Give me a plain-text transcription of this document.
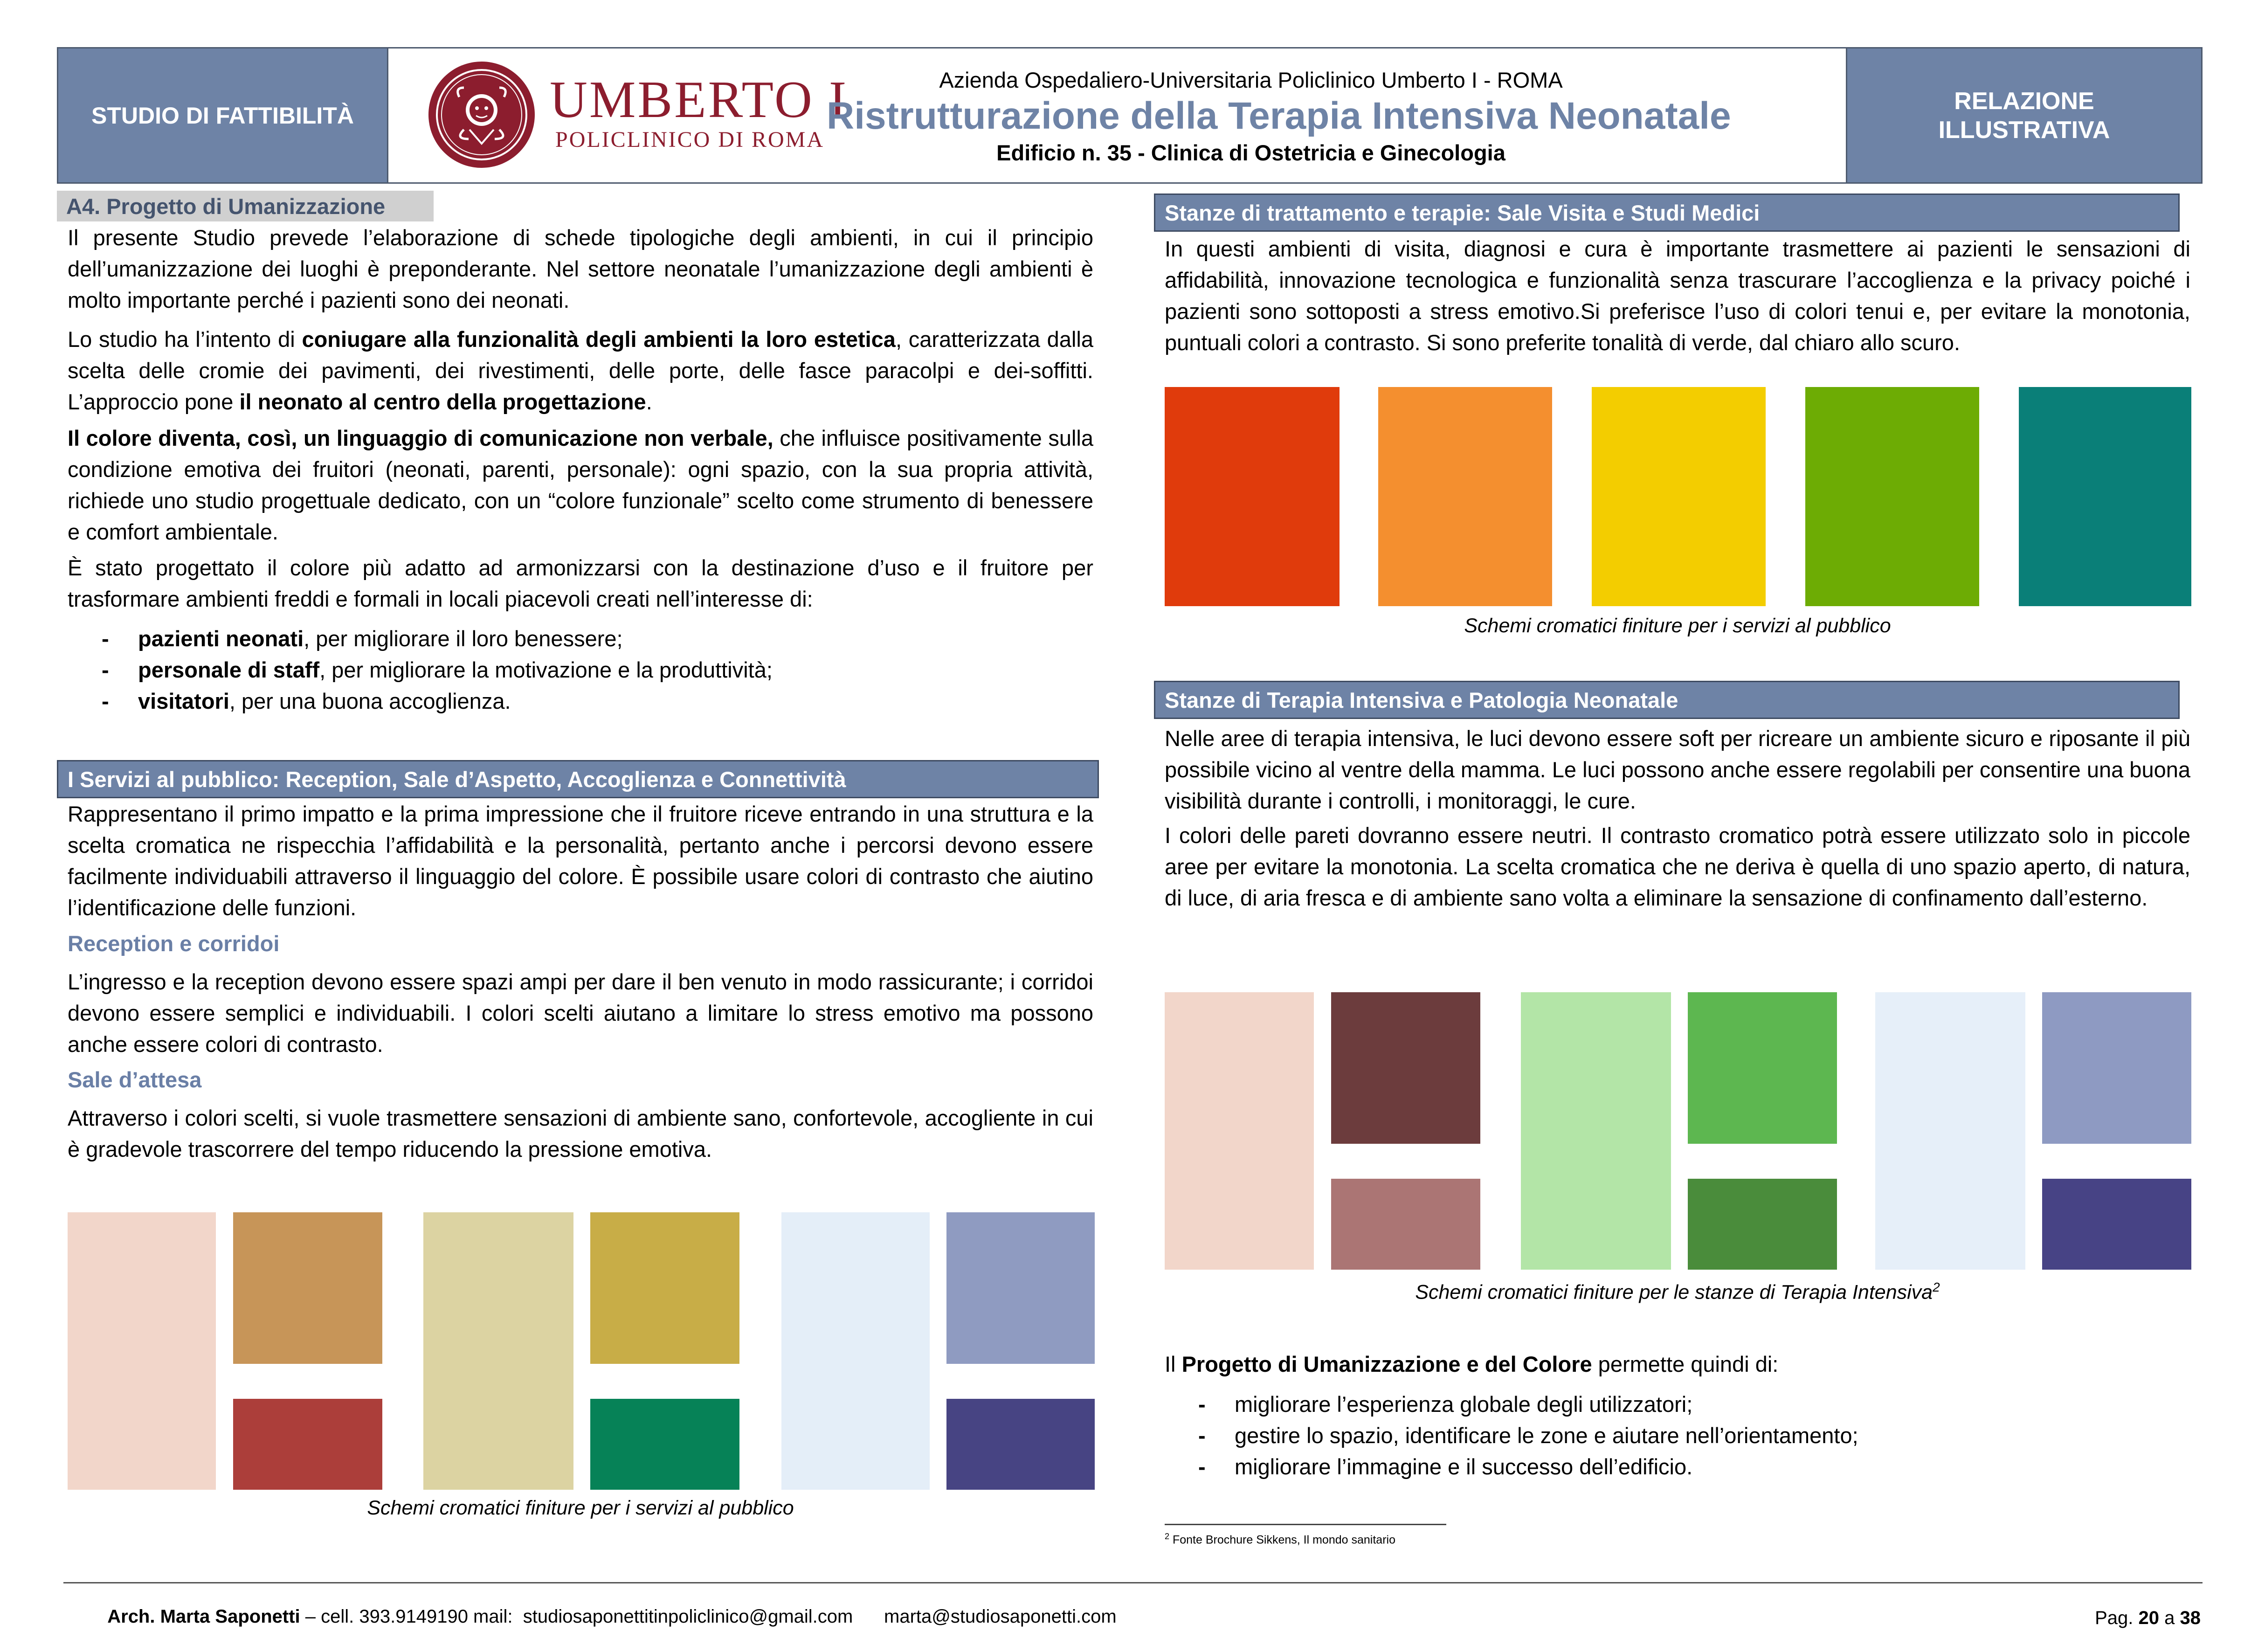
STUDIO DI FATTIBILITÀ	UMBERTO I
POLICLINICO DI ROMA
Azienda Ospedaliero-Universitaria Policlinico Umberto I - ROMA
Ristrutturazione della Terapia Intensiva Neonatale
Edificio n. 35 - Clinica di Ostetricia e Ginecologia
RELAZIONE
ILLUSTRATIVA
A4. Progetto di Umanizzazione
Il presente Studio prevede l’elaborazione di schede tipologiche degli ambienti, in cui il principio dell’umanizzazione dei luoghi è preponderante. Nel settore neonatale l’umanizzazione degli ambienti è molto importante perché i pazienti sono dei neonati.
Lo studio ha l’intento di coniugare alla funzionalità degli ambienti la loro estetica, caratterizzata dalla scelta delle cromie dei pavimenti, dei rivestimenti, delle porte, delle fasce paracolpi e dei-soffitti. L’approccio pone il neonato al centro della progettazione.
Il colore diventa, così, un linguaggio di comunicazione non verbale, che influisce positivamente sulla condizione emotiva dei fruitori (neonati, parenti, personale): ogni spazio, con la sua propria attività, richiede uno studio progettuale dedicato, con un “colore funzionale” scelto come strumento di benessere e comfort ambientale.
È stato progettato il colore più adatto ad armonizzarsi con la destinazione d’uso e il fruitore per trasformare ambienti freddi e formali in locali piacevoli creati nell’interesse di:
- pazienti neonati, per migliorare il loro benessere;
- personale di staff, per migliorare la motivazione e la produttività;
- visitatori, per una buona accoglienza.
I Servizi al pubblico: Reception, Sale d’Aspetto, Accoglienza e Connettività
Rappresentano il primo impatto e la prima impressione che il fruitore riceve entrando in una struttura e la scelta cromatica ne rispecchia l’affidabilità e la personalità, pertanto anche i percorsi devono essere facilmente individuabili attraverso il linguaggio del colore. È possibile usare colori di contrasto che aiutino l’identificazione delle funzioni.
Reception e corridoi
L’ingresso e la reception devono essere spazi ampi per dare il ben venuto in modo rassicurante; i corridoi devono essere semplici e individuabili. I colori scelti aiutano a limitare lo stress emotivo ma possono anche essere colori di contrasto.
Sale d’attesa
Attraverso i colori scelti, si vuole trasmettere sensazioni di ambiente sano, confortevole, accogliente in cui è gradevole trascorrere del tempo riducendo la pressione emotiva.
Schemi cromatici finiture per i servizi al pubblico
Stanze di trattamento e terapie: Sale Visita e Studi Medici
In questi ambienti di visita, diagnosi e cura è importante trasmettere ai pazienti le sensazioni di affidabilità, innovazione tecnologica e funzionalità senza trascurare l’accoglienza e la privacy poiché i pazienti sono sottoposti a stress emotivo.Si preferisce l’uso di colori tenui e, per evitare la monotonia, puntuali colori a contrasto. Si sono preferite tonalità di verde, dal chiaro allo scuro.
Schemi cromatici finiture per i servizi al pubblico
Stanze di Terapia Intensiva e Patologia Neonatale
Nelle aree di terapia intensiva, le luci devono essere soft per ricreare un ambiente sicuro e riposante il più possibile vicino al ventre della mamma. Le luci possono anche essere regolabili per consentire una buona visibilità durante i controlli, i monitoraggi, le cure.
I colori delle pareti dovranno essere neutri. Il contrasto cromatico potrà essere utilizzato solo in piccole aree per evitare la monotonia. La scelta cromatica che ne deriva è quella di uno spazio aperto, di natura, di luce, di aria fresca e di ambiente sano volta a eliminare la sensazione di confinamento dall’esterno.
Schemi cromatici finiture per le stanze di Terapia Intensiva$^2$
Il Progetto di Umanizzazione e del Colore permette quindi di:
- migliorare l’esperienza globale degli utilizzatori;
- gestire lo spazio, identificare le zone e aiutare nell’orientamento;
- migliorare l’immagine e il successo dell’edificio.
$^2$ Fonte Brochure Sikkens, Il mondo sanitario

Arch. Marta Saponetti – cell. 393.9149190 mail:  studiosaponettitinpoliclinico@gmail.com      marta@studiosaponetti.com	Pag. 20 a 38
